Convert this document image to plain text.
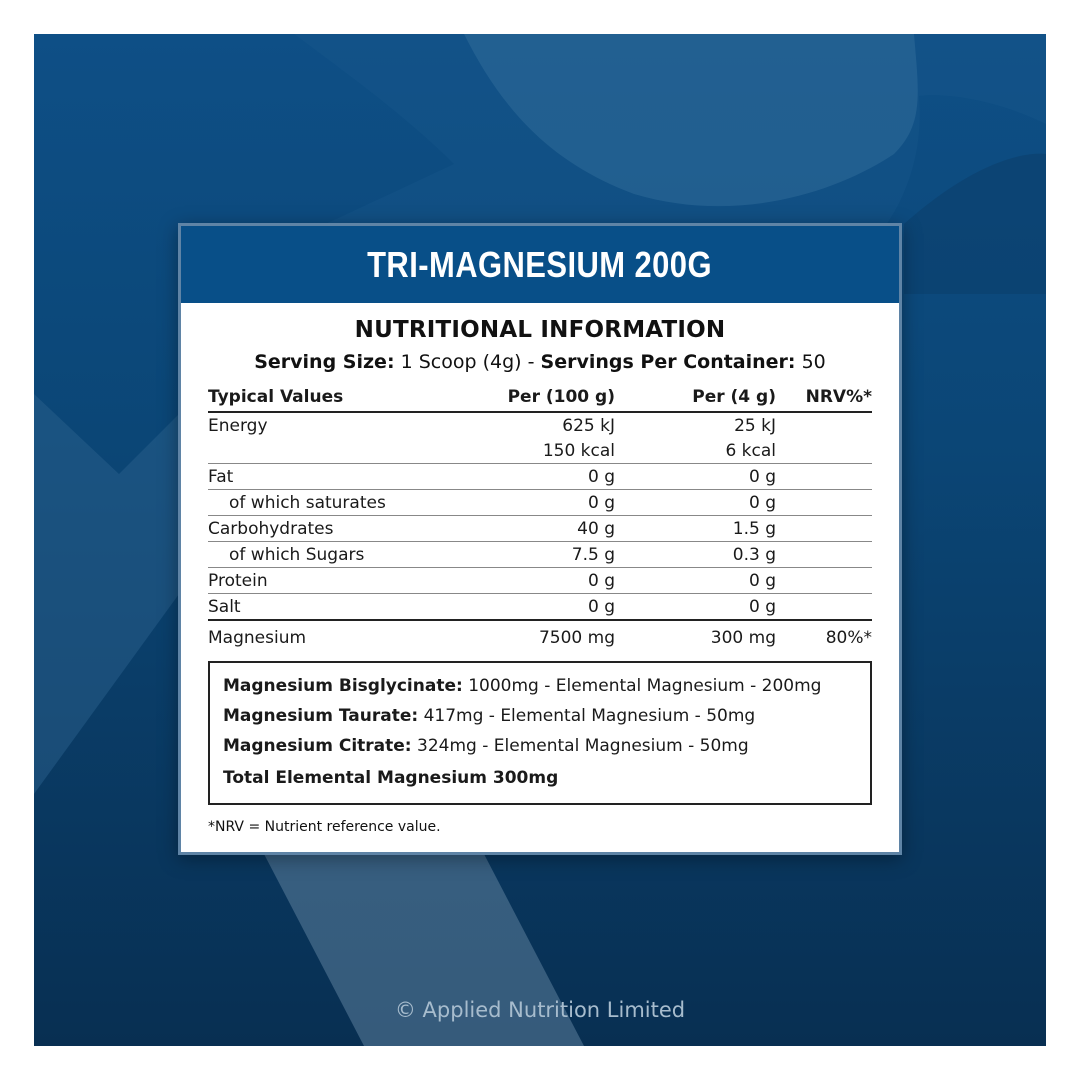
TRI-MAGNESIUM 200G
NUTRITIONAL INFORMATION
Serving Size: 1 Scoop (4g) - Servings Per Container: 50
Typical Values	Per (100 g)	Per (4 g)	NRV%*
Energy	625 kJ	25 kJ	
	150 kcal	6 kcal	
Fat	0 g	0 g	
of which saturates	0 g	0 g	
Carbohydrates	40 g	1.5 g	
of which Sugars	7.5 g	0.3 g	
Protein	0 g	0 g	
Salt	0 g	0 g	
Magnesium	7500 mg	300 mg	80%*
Magnesium Bisglycinate: 1000mg - Elemental Magnesium - 200mg
Magnesium Taurate: 417mg - Elemental Magnesium - 50mg
Magnesium Citrate: 324mg - Elemental Magnesium - 50mg
Total Elemental Magnesium 300mg
*NRV = Nutrient reference value.
© Applied Nutrition Limited
